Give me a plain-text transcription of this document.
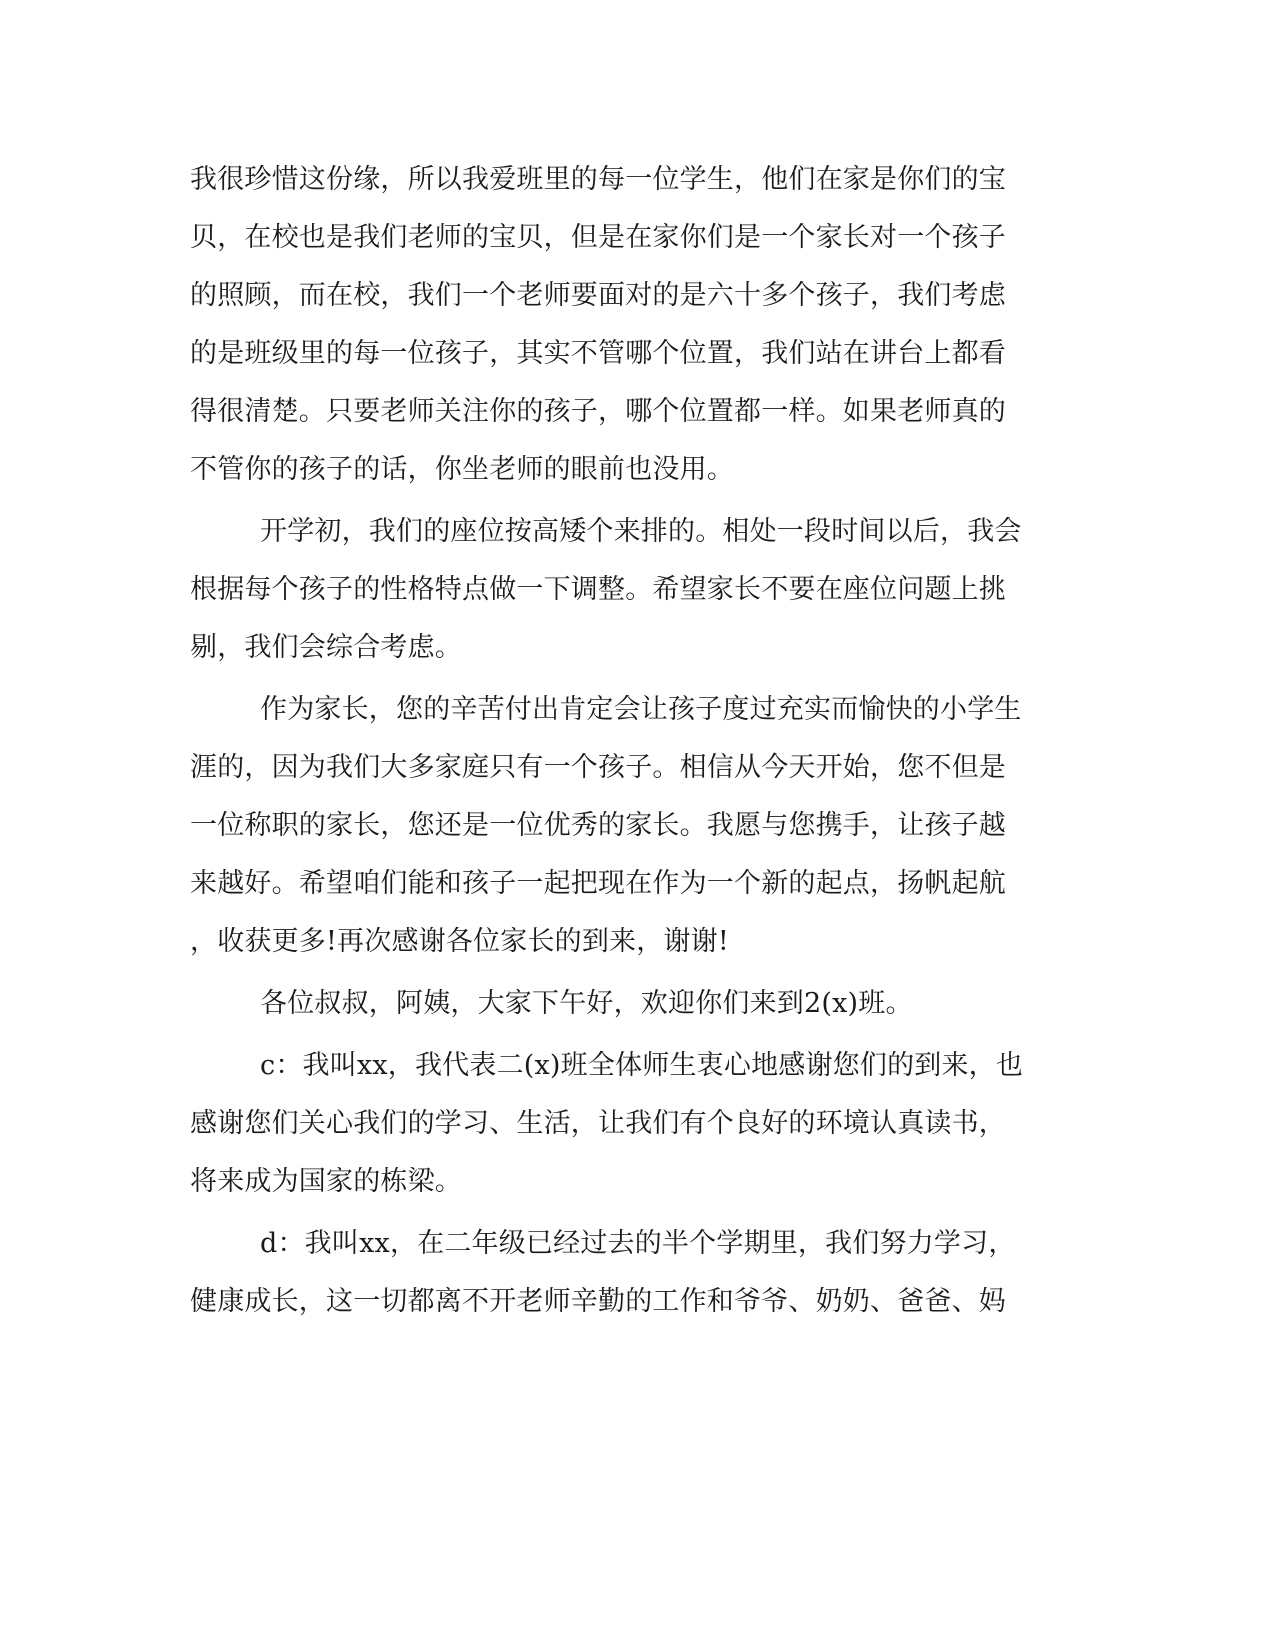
我很珍惜这份缘，所以我爱班里的每一位学生，他们在家是你们的宝
贝，在校也是我们老师的宝贝，但是在家你们是一个家长对一个孩子
的照顾，而在校，我们一个老师要面对的是六十多个孩子，我们考虑
的是班级里的每一位孩子，其实不管哪个位置，我们站在讲台上都看
得很清楚。只要老师关注你的孩子，哪个位置都一样。如果老师真的
不管你的孩子的话，你坐老师的眼前也没用。
开学初，我们的座位按高矮个来排的。相处一段时间以后，我会
根据每个孩子的性格特点做一下调整。希望家长不要在座位问题上挑
剔，我们会综合考虑。
作为家长，您的辛苦付出肯定会让孩子度过充实而愉快的小学生
涯的，因为我们大多家庭只有一个孩子。相信从今天开始，您不但是
一位称职的家长，您还是一位优秀的家长。我愿与您携手，让孩子越
来越好。希望咱们能和孩子一起把现在作为一个新的起点，扬帆起航
，收获更多!再次感谢各位家长的到来，谢谢!
各位叔叔，阿姨，大家下午好，欢迎你们来到2(x)班。
c：我叫xx，我代表二(x)班全体师生衷心地感谢您们的到来，也
感谢您们关心我们的学习、生活，让我们有个良好的环境认真读书，
将来成为国家的栋梁。
d：我叫xx，在二年级已经过去的半个学期里，我们努力学习，
健康成长，这一切都离不开老师辛勤的工作和爷爷、奶奶、爸爸、妈
